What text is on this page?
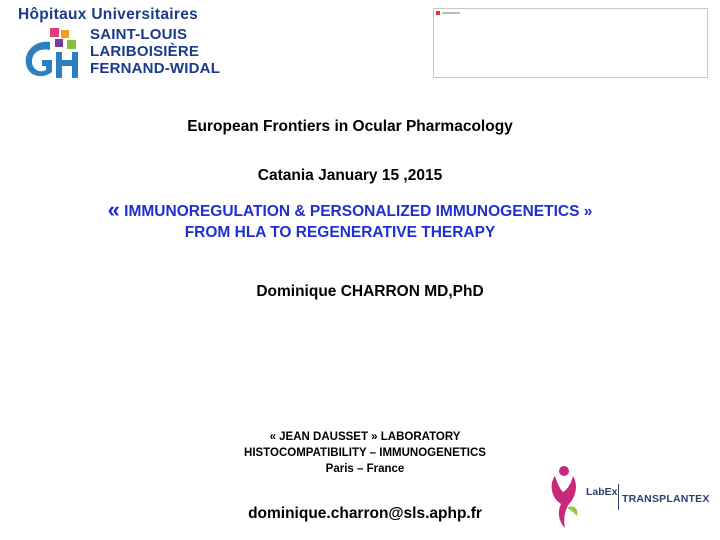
Hôpitaux Universitaires
SAINT-LOUIS
LARIBOISIÈRE
FERNAND-WIDAL
European Frontiers in Ocular Pharmacology
Catania January 15 ,2015
« IMMUNOREGULATION & PERSONALIZED IMMUNOGENETICS »
FROM HLA TO REGENERATIVE THERAPY
Dominique CHARRON MD,PhD
« JEAN DAUSSET » LABORATORY
HISTOCOMPATIBILITY – IMMUNOGENETICS
Paris – France
dominique.charron@sls.aphp.fr
LabEx
TRANSPLANTEX
